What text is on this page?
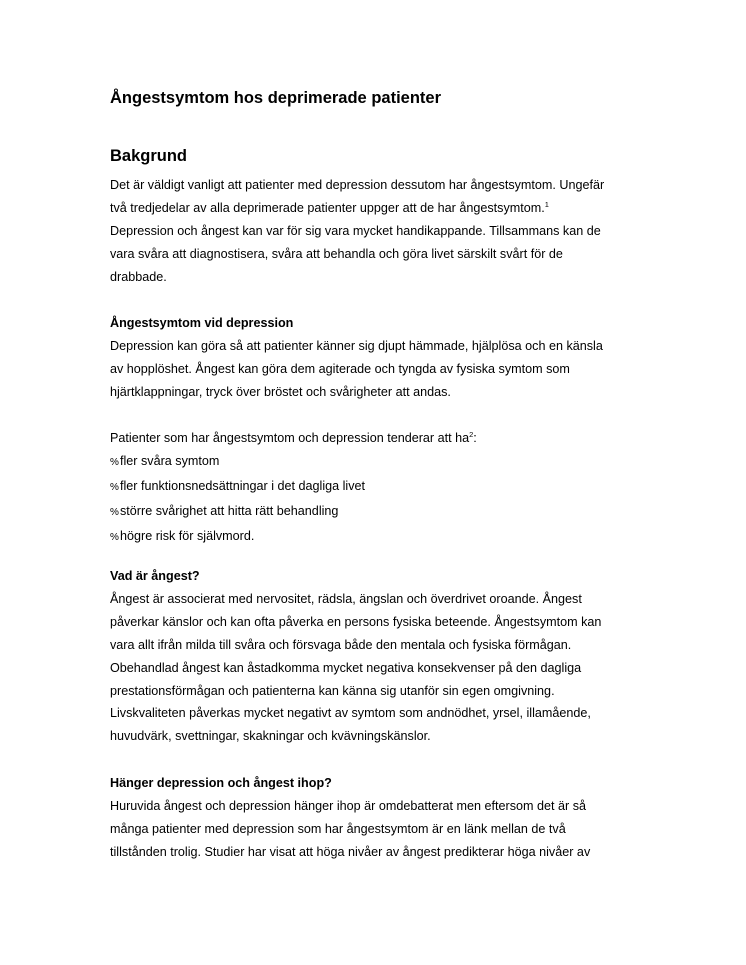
Ångestsymtom hos deprimerade patienter
Bakgrund

Det är väldigt vanligt att patienter med depression dessutom har ångestsymtom. Ungefär

två tredjedelar av alla deprimerade patienter uppger att de har ångestsymtom.$^1$

Depression och ångest kan var för sig vara mycket handikappande. Tillsammans kan de

vara svåra att diagnostisera, svåra att behandla och göra livet särskilt svårt för de

drabbade.

Ångestsymtom vid depression

Depression kan göra så att patienter känner sig djupt hämmade, hjälplösa och en känsla

av hopplöshet. Ångest kan göra dem agiterade och tyngda av fysiska symtom som

hjärtklappningar, tryck över bröstet och svårigheter att andas.

Patienter som har ångestsymtom och depression tenderar att $ha^2$:

%fler svåra symtom

%fler funktionsnedsättningar i det dagliga livet

%större svårighet att hitta rätt behandling

%högre risk för självmord.

Vad är ångest?

Ångest är associerat med nervositet, rädsla, ängslan och överdrivet oroande. Ångest

påverkar känslor och kan ofta påverka en persons fysiska beteende. Ångestsymtom kan

vara allt ifrån milda till svåra och försvaga både den mentala och fysiska förmågan.

Obehandlad ångest kan åstadkomma mycket negativa konsekvenser på den dagliga

prestationsförmågan och patienterna kan känna sig utanför sin egen omgivning.

Livskvaliteten påverkas mycket negativt av symtom som andnödhet, yrsel, illamående,

huvudvärk, svettningar, skakningar och kvävningskänslor.

Hänger depression och ångest ihop?

Huruvida ångest och depression hänger ihop är omdebatterat men eftersom det är så

många patienter med depression som har ångestsymtom är en länk mellan de två

tillstånden trolig. Studier har visat att höga nivåer av ångest predikterar höga nivåer av
